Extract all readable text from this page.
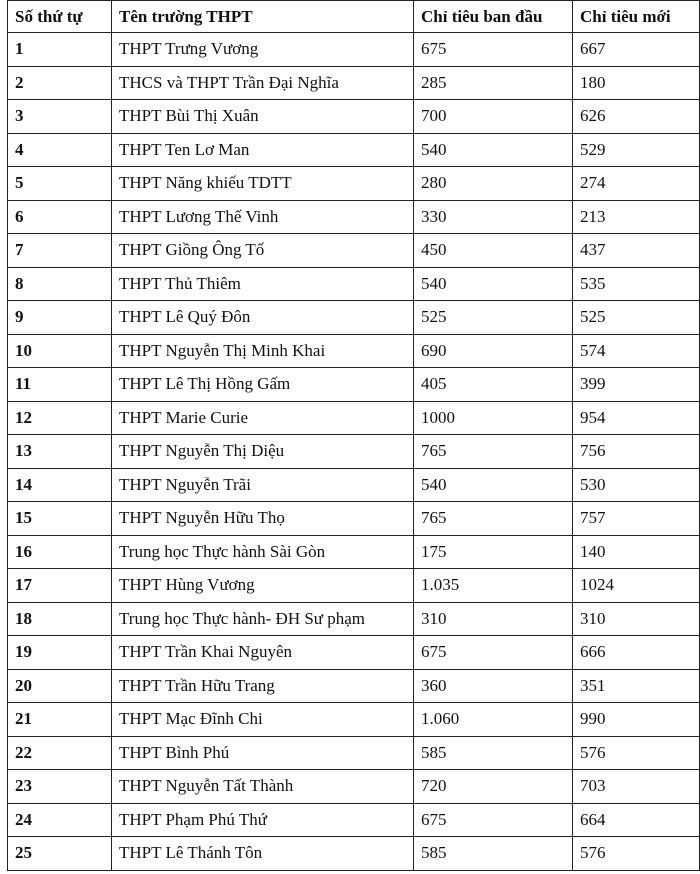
Số thứ tự	Tên trường THPT	Chỉ tiêu ban đầu	Chỉ tiêu mới
1	THPT Trưng Vương	675	667
2	THCS và THPT Trần Đại Nghĩa	285	180
3	THPT Bùi Thị Xuân	700	626
4	THPT Ten Lơ Man	540	529
5	THPT Năng khiếu TDTT	280	274
6	THPT Lương Thế Vinh	330	213
7	THPT Giồng Ông Tố	450	437
8	THPT Thủ Thiêm	540	535
9	THPT Lê Quý Đôn	525	525
10	THPT Nguyễn Thị Minh Khai	690	574
11	THPT Lê Thị Hồng Gấm	405	399
12	THPT Marie Curie	1000	954
13	THPT Nguyễn Thị Diệu	765	756
14	THPT Nguyễn Trãi	540	530
15	THPT Nguyễn Hữu Thọ	765	757
16	Trung học Thực hành Sài Gòn	175	140
17	THPT Hùng Vương	1.035	1024
18	Trung học Thực hành- ĐH Sư phạm	310	310
19	THPT Trần Khai Nguyên	675	666
20	THPT Trần Hữu Trang	360	351
21	THPT Mạc Đĩnh Chi	1.060	990
22	THPT Bình Phú	585	576
23	THPT Nguyễn Tất Thành	720	703
24	THPT Phạm Phú Thứ	675	664
25	THPT Lê Thánh Tôn	585	576
